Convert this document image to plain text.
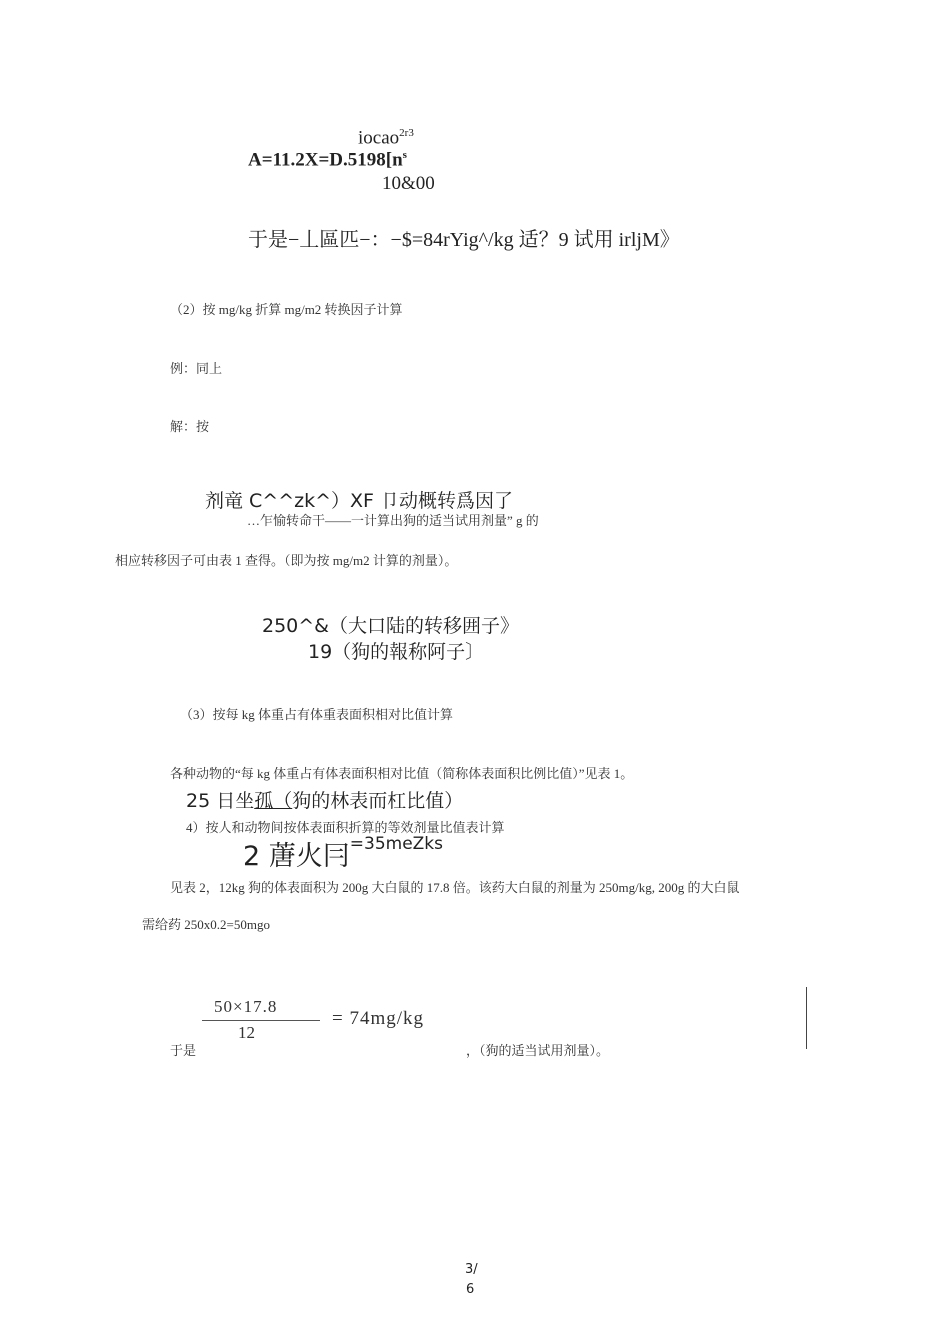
iocao$^{2r3}$
$A=11.2X=D.5198[n^s$
10&00
于是−丄區匹−：−$=84rYig^/kg 适？9 试用 irljM》
（2）按 mg/kg 折算 mg/m2 转换因子计算
例：同上
解：按
剂竜 C^^zk^）XF 卩动概转爲因了
…乍愉转命干——一计算出狗的适当试用剂量” g 的
相应转移因子可由表 1 查得。（即为按 mg/m2 计算的剂量）。
250^&（大口陆的转移囲子》
19（狗的報称阿子〕
（3）按每 kg 体重占有体重表面积相对比值计算
各种动物的“每 kg 体重占有体表面积相对比值（简称体表面积比例比值）”见表 1。
25 日坐孤（狗的林表而杠比值）
4）按人和动物间按体表面积折算的等效剂量比值表计算
2 蓎火冃=35meZks
见表 2，12kg 狗的体表面积为 200g 大白鼠的 17.8 倍。该药大白鼠的剂量为 250mg/kg, 200g 的大白鼠
需给药 250x0.2=50mgo
50×17.8
12
= 74mg/kg
于是	，（狗的适当试用剂量）。
3/
6
